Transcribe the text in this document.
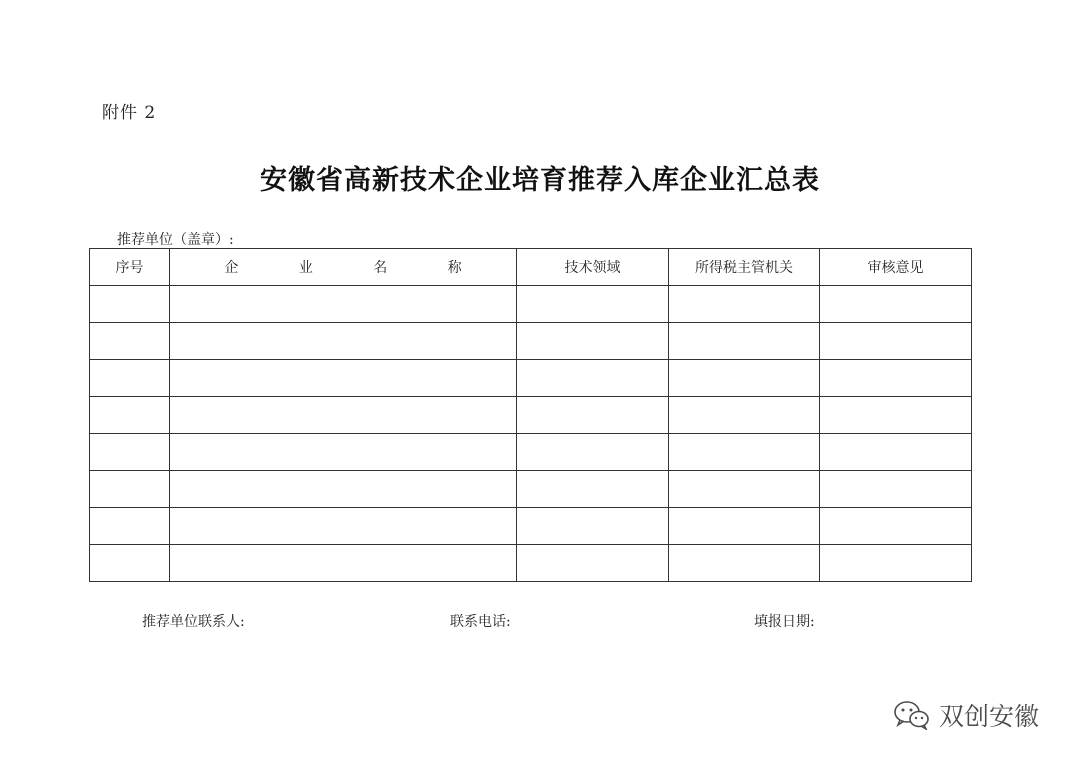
附件 2
安徽省高新技术企业培育推荐入库企业汇总表
推荐单位（盖章）:
序号	企 业 名 称	技术领域	所得税主管机关	审核意见

推荐单位联系人:	联系电话:	填报日期:
双创安徽
